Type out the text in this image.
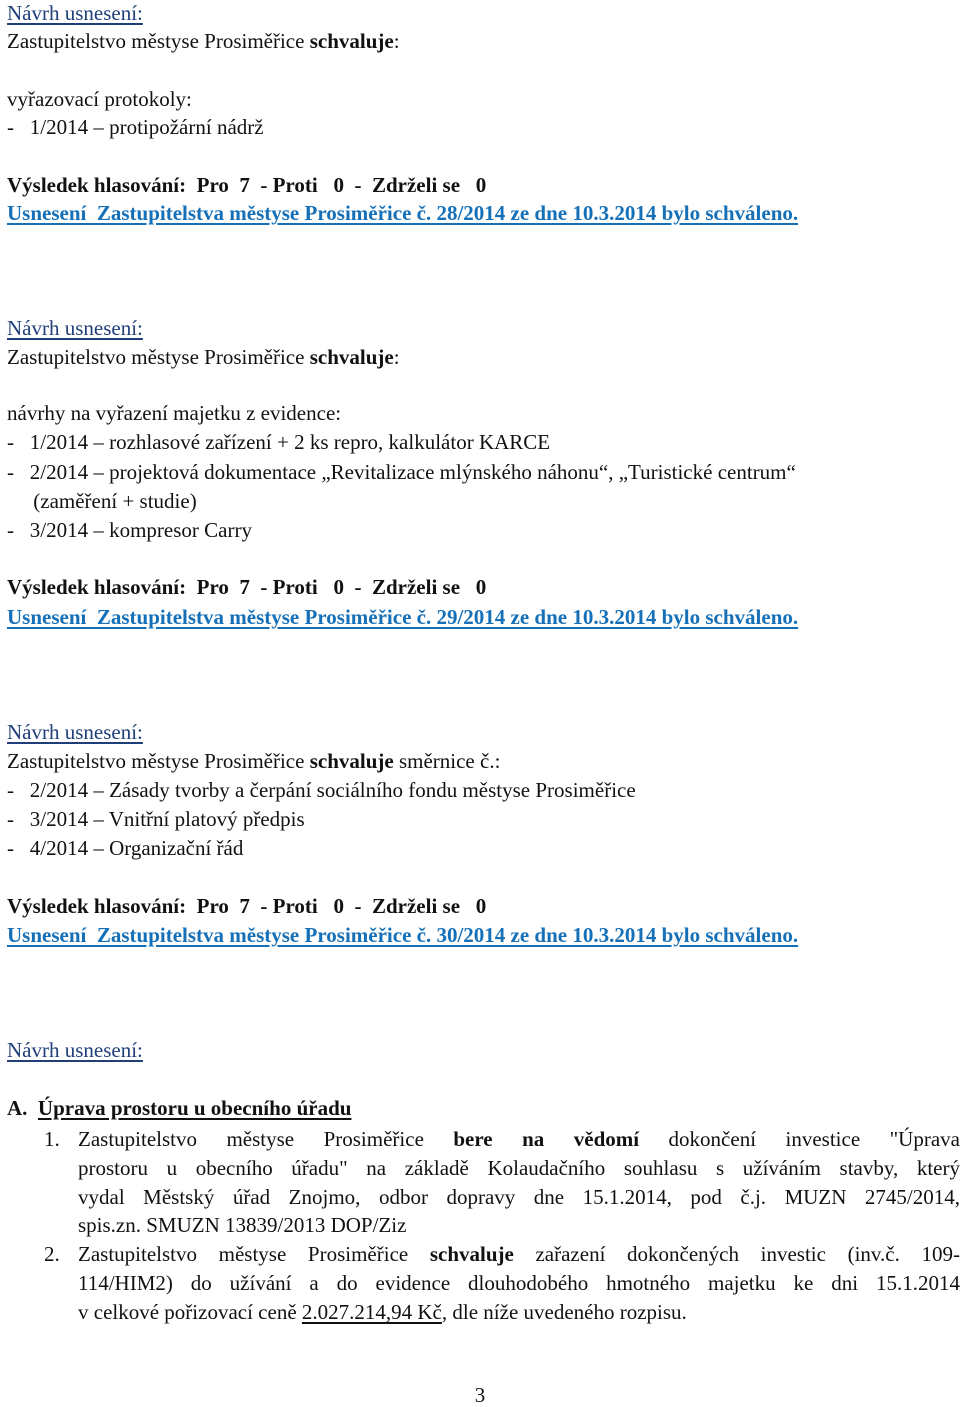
Návrh usnesení:
Zastupitelstvo městyse Prosiměřice schvaluje:
vyřazovací protokoly:
-   1/2014 – protipožární nádrž
Výsledek hlasování:  Pro  7  - Proti   0  -  Zdrželi se   0
Usnesení  Zastupitelstva městyse Prosiměřice č. 28/2014 ze dne 10.3.2014 bylo schváleno.
Návrh usnesení:
Zastupitelstvo městyse Prosiměřice schvaluje:
návrhy na vyřazení majetku z evidence:
-   1/2014 – rozhlasové zařízení + 2 ks repro, kalkulátor KARCE
-   2/2014 – projektová dokumentace „Revitalizace mlýnského náhonu“, „Turistické centrum“
(zaměření + studie)
-   3/2014 – kompresor Carry
Výsledek hlasování:  Pro  7  - Proti   0  -  Zdrželi se   0
Usnesení  Zastupitelstva městyse Prosiměřice č. 29/2014 ze dne 10.3.2014 bylo schváleno.
Návrh usnesení:
Zastupitelstvo městyse Prosiměřice schvaluje směrnice č.:
-   2/2014 – Zásady tvorby a čerpání sociálního fondu městyse Prosiměřice
-   3/2014 – Vnitřní platový předpis
-   4/2014 – Organizační řád
Výsledek hlasování:  Pro  7  - Proti   0  -  Zdrželi se   0
Usnesení  Zastupitelstva městyse Prosiměřice č. 30/2014 ze dne 10.3.2014 bylo schváleno.
Návrh usnesení:
A. Úprava prostoru u obecního úřadu
1. Zastupitelstvo městyse Prosiměřice bere na vědomí dokončení investice "Úprava
prostoru u obecního úřadu" na základě Kolaudačního souhlasu s užíváním stavby, který
vydal Městský úřad Znojmo, odbor dopravy dne 15.1.2014, pod č.j. MUZN 2745/2014,
spis.zn. SMUZN 13839/2013 DOP/Ziz
2. Zastupitelstvo městyse Prosiměřice schvaluje zařazení dokončených investic (inv.č. 109-
114/HIM2) do užívání a do evidence dlouhodobého hmotného majetku ke dni 15.1.2014
v celkové pořizovací ceně 2.027.214,94 Kč, dle níže uvedeného rozpisu.
3
